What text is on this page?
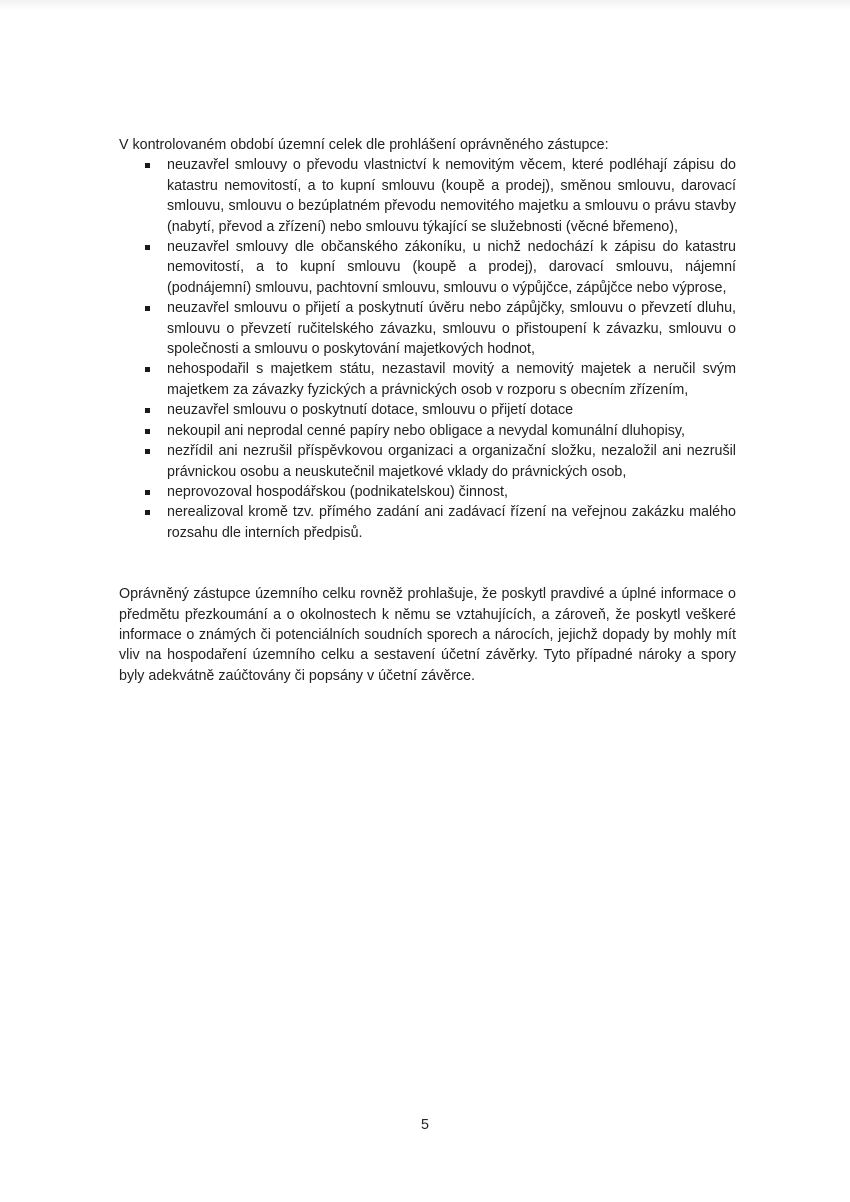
V kontrolovaném období územní celek dle prohlášení oprávněného zástupce:

neuzavřel smlouvy o převodu vlastnictví k nemovitým věcem, které podléhají zápisu do katastru nemovitostí, a to kupní smlouvu (koupě a prodej), směnou smlouvu, darovací smlouvu, smlouvu o bezúplatném převodu nemovitého majetku a smlouvu o právu stavby (nabytí, převod a zřízení) nebo smlouvu týkající se služebnosti (věcné břemeno),
neuzavřel smlouvy dle občanského zákoníku, u nichž nedochází k zápisu do katastru nemovitostí, a to kupní smlouvu (koupě a prodej), darovací smlouvu, nájemní (podnájemní) smlouvu, pachtovní smlouvu, smlouvu o výpůjčce, zápůjčce nebo výprose,
neuzavřel smlouvu o přijetí a poskytnutí úvěru nebo zápůjčky, smlouvu o převzetí dluhu, smlouvu o převzetí ručitelského závazku, smlouvu o přistoupení k závazku, smlouvu o společnosti a smlouvu o poskytování majetkových hodnot,
nehospodařil s majetkem státu, nezastavil movitý a nemovitý majetek a neručil svým majetkem za závazky fyzických a právnických osob v rozporu s obecním zřízením,
neuzavřel smlouvu o poskytnutí dotace, smlouvu o přijetí dotace
nekoupil ani neprodal cenné papíry nebo obligace a nevydal komunální dluhopisy,
nezřídil ani nezrušil příspěvkovou organizaci a organizační složku, nezaložil ani nezrušil právnickou osobu a neuskutečnil majetkové vklady do právnických osob,
neprovozoval hospodářskou (podnikatelskou) činnost,
nerealizoval kromě tzv. přímého zadání ani zadávací řízení na veřejnou zakázku malého rozsahu dle interních předpisů.

Oprávněný zástupce územního celku rovněž prohlašuje, že poskytl pravdivé a úplné informace o předmětu přezkoumání a o okolnostech k němu se vztahujících, a zároveň, že poskytl veškeré informace o známých či potenciálních soudních sporech a nárocích, jejichž dopady by mohly mít vliv na hospodaření územního celku a sestavení účetní závěrky. Tyto případné nároky a spory byly adekvátně zaúčtovány či popsány v účetní závěrce.

5
